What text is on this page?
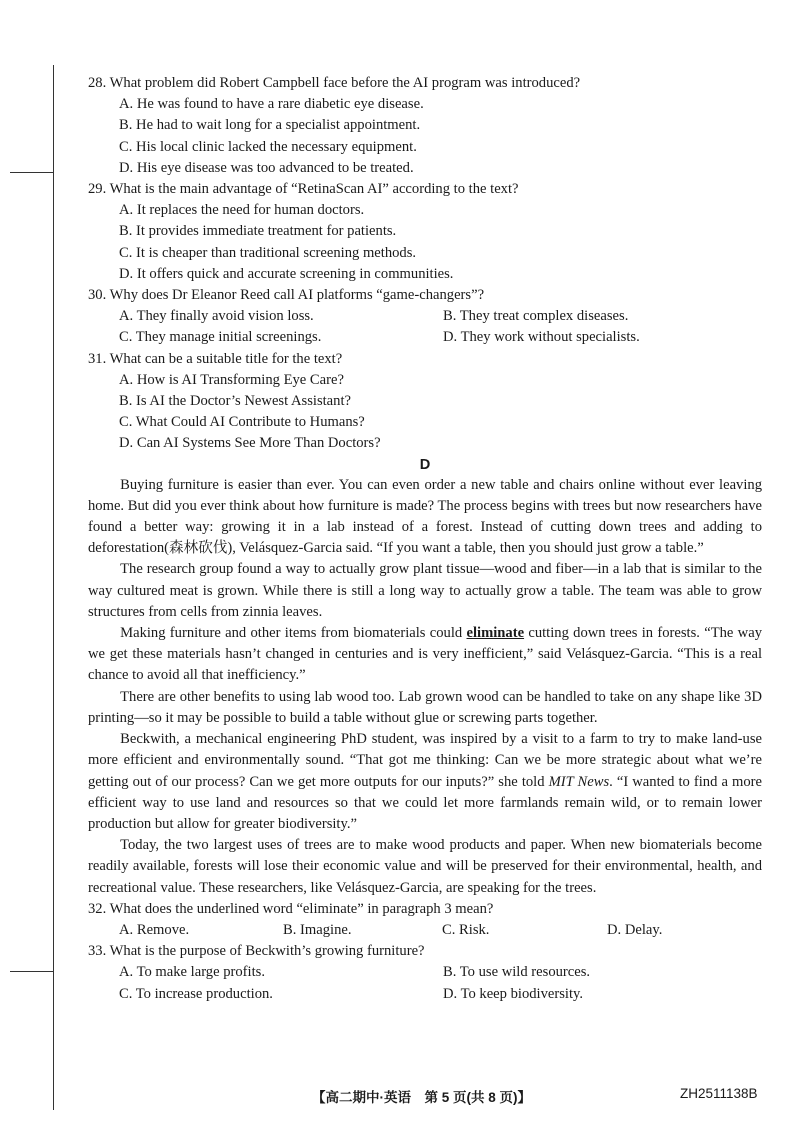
28. What problem did Robert Campbell face before the AI program was introduced?

A. He was found to have a rare diabetic eye disease.

B. He had to wait long for a specialist appointment.

C. His local clinic lacked the necessary equipment.

D. His eye disease was too advanced to be treated.

29. What is the main advantage of “RetinaScan AI” according to the text?

A. It replaces the need for human doctors.

B. It provides immediate treatment for patients.

C. It is cheaper than traditional screening methods.

D. It offers quick and accurate screening in communities.

30. Why does Dr Eleanor Reed call AI platforms “game-changers”?

A. They finally avoid vision loss.	B. They treat complex diseases.
C. They manage initial screenings.	D. They work without specialists.

31. What can be a suitable title for the text?

A. How is AI Transforming Eye Care?

B. Is AI the Doctor’s Newest Assistant?

C. What Could AI Contribute to Humans?

D. Can AI Systems See More Than Doctors?

D

Buying furniture is easier than ever. You can even order a new table and chairs online without ever leaving home. But did you ever think about how furniture is made? The process begins with trees but now researchers have found a better way: growing it in a lab instead of a forest. Instead of cutting down trees and adding to deforestation(森林砍伐), Velásquez-Garcia said. “If you want a table, then you should just grow a table.”

The research group found a way to actually grow plant tissue—wood and fiber—in a lab that is similar to the way cultured meat is grown. While there is still a long way to actually grow a table. The team was able to grow structures from cells from zinnia leaves.

Making furniture and other items from biomaterials could eliminate cutting down trees in forests. “The way we get these materials hasn’t changed in centuries and is very inefficient,” said Velásquez-Garcia. “This is a real chance to avoid all that inefficiency.”

There are other benefits to using lab wood too. Lab grown wood can be handled to take on any shape like 3D printing—so it may be possible to build a table without glue or screwing parts together.

Beckwith, a mechanical engineering PhD student, was inspired by a visit to a farm to try to make land-use more efficient and environmentally sound. “That got me thinking: Can we be more strategic about what we’re getting out of our process? Can we get more outputs for our inputs?” she told MIT News. “I wanted to find a more efficient way to use land and resources so that we could let more farmlands remain wild, or to remain lower production but allow for greater biodiversity.”

Today, the two largest uses of trees are to make wood products and paper. When new biomaterials become readily available, forests will lose their economic value and will be preserved for their environmental, health, and recreational value. These researchers, like Velásquez-Garcia, are speaking for the trees.

32. What does the underlined word “eliminate” in paragraph 3 mean?

A. Remove.	B. Imagine.	C. Risk.	D. Delay.

33. What is the purpose of Beckwith’s growing furniture?

A. To make large profits.	B. To use wild resources.
C. To increase production.	D. To keep biodiversity.
【高二期中·英语　第 5 页(共 8 页)】	ZH2511138B
